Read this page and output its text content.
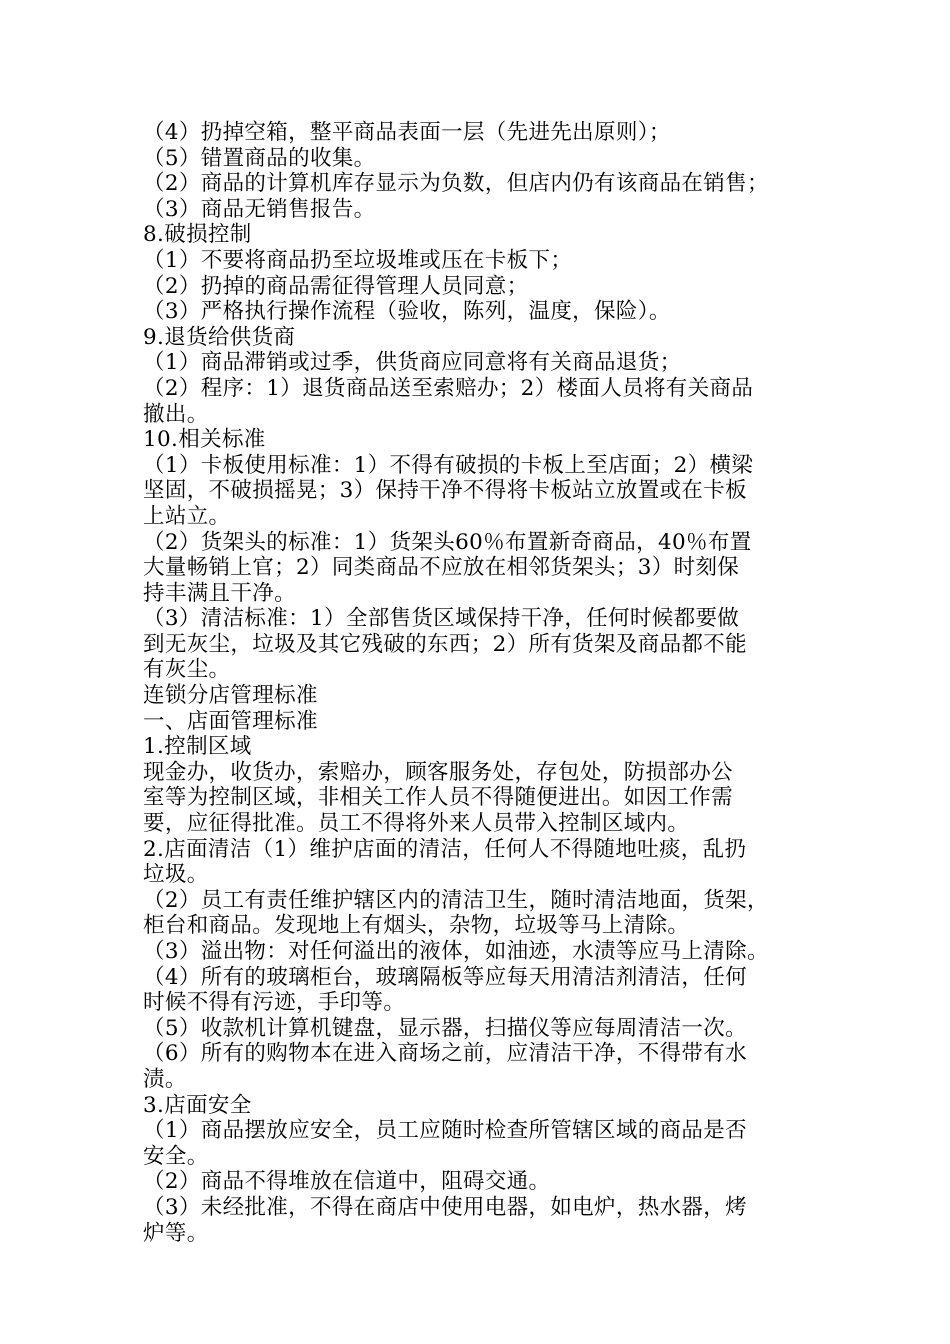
（4）扔掉空箱，整平商品表面一层（先进先出原则）；

（5）错置商品的收集。

（2）商品的计算机库存显示为负数，但店内仍有该商品在销售；

（3）商品无销售报告。

8.破损控制

（1）不要将商品扔至垃圾堆或压在卡板下；

（2）扔掉的商品需征得管理人员同意；

（3）严格执行操作流程（验收，陈列，温度，保险）。

9.退货给供货商

（1）商品滞销或过季，供货商应同意将有关商品退货；

（2）程序：1）退货商品送至索赔办；2）楼面人员将有关商品

撤出。

10.相关标准

（1）卡板使用标准：1）不得有破损的卡板上至店面；2）横梁

坚固，不破损摇晃；3）保持干净不得将卡板站立放置或在卡板

上站立。

（2）货架头的标准：1）货架头60％布置新奇商品，40％布置

大量畅销上官；2）同类商品不应放在相邻货架头；3）时刻保

持丰满且干净。

（3）清洁标准：1）全部售货区域保持干净，任何时候都要做

到无灰尘，垃圾及其它残破的东西；2）所有货架及商品都不能

有灰尘。

连锁分店管理标准

一、店面管理标准

1.控制区域

现金办，收货办，索赔办，顾客服务处，存包处，防损部办公

室等为控制区域，非相关工作人员不得随便进出。如因工作需

要，应征得批准。员工不得将外来人员带入控制区域内。

2.店面清洁（1）维护店面的清洁，任何人不得随地吐痰，乱扔

垃圾。

（2）员工有责任维护辖区内的清洁卫生，随时清洁地面，货架，

柜台和商品。发现地上有烟头，杂物，垃圾等马上清除。

（3）溢出物：对任何溢出的液体，如油迹，水渍等应马上清除。

（4）所有的玻璃柜台，玻璃隔板等应每天用清洁剂清洁，任何

时候不得有污迹，手印等。

（5）收款机计算机键盘，显示器，扫描仪等应每周清洁一次。

（6）所有的购物本在进入商场之前，应清洁干净，不得带有水

渍。

3.店面安全

（1）商品摆放应安全，员工应随时检查所管辖区域的商品是否

安全。

（2）商品不得堆放在信道中，阻碍交通。

（3）未经批准，不得在商店中使用电器，如电炉，热水器，烤

炉等。
